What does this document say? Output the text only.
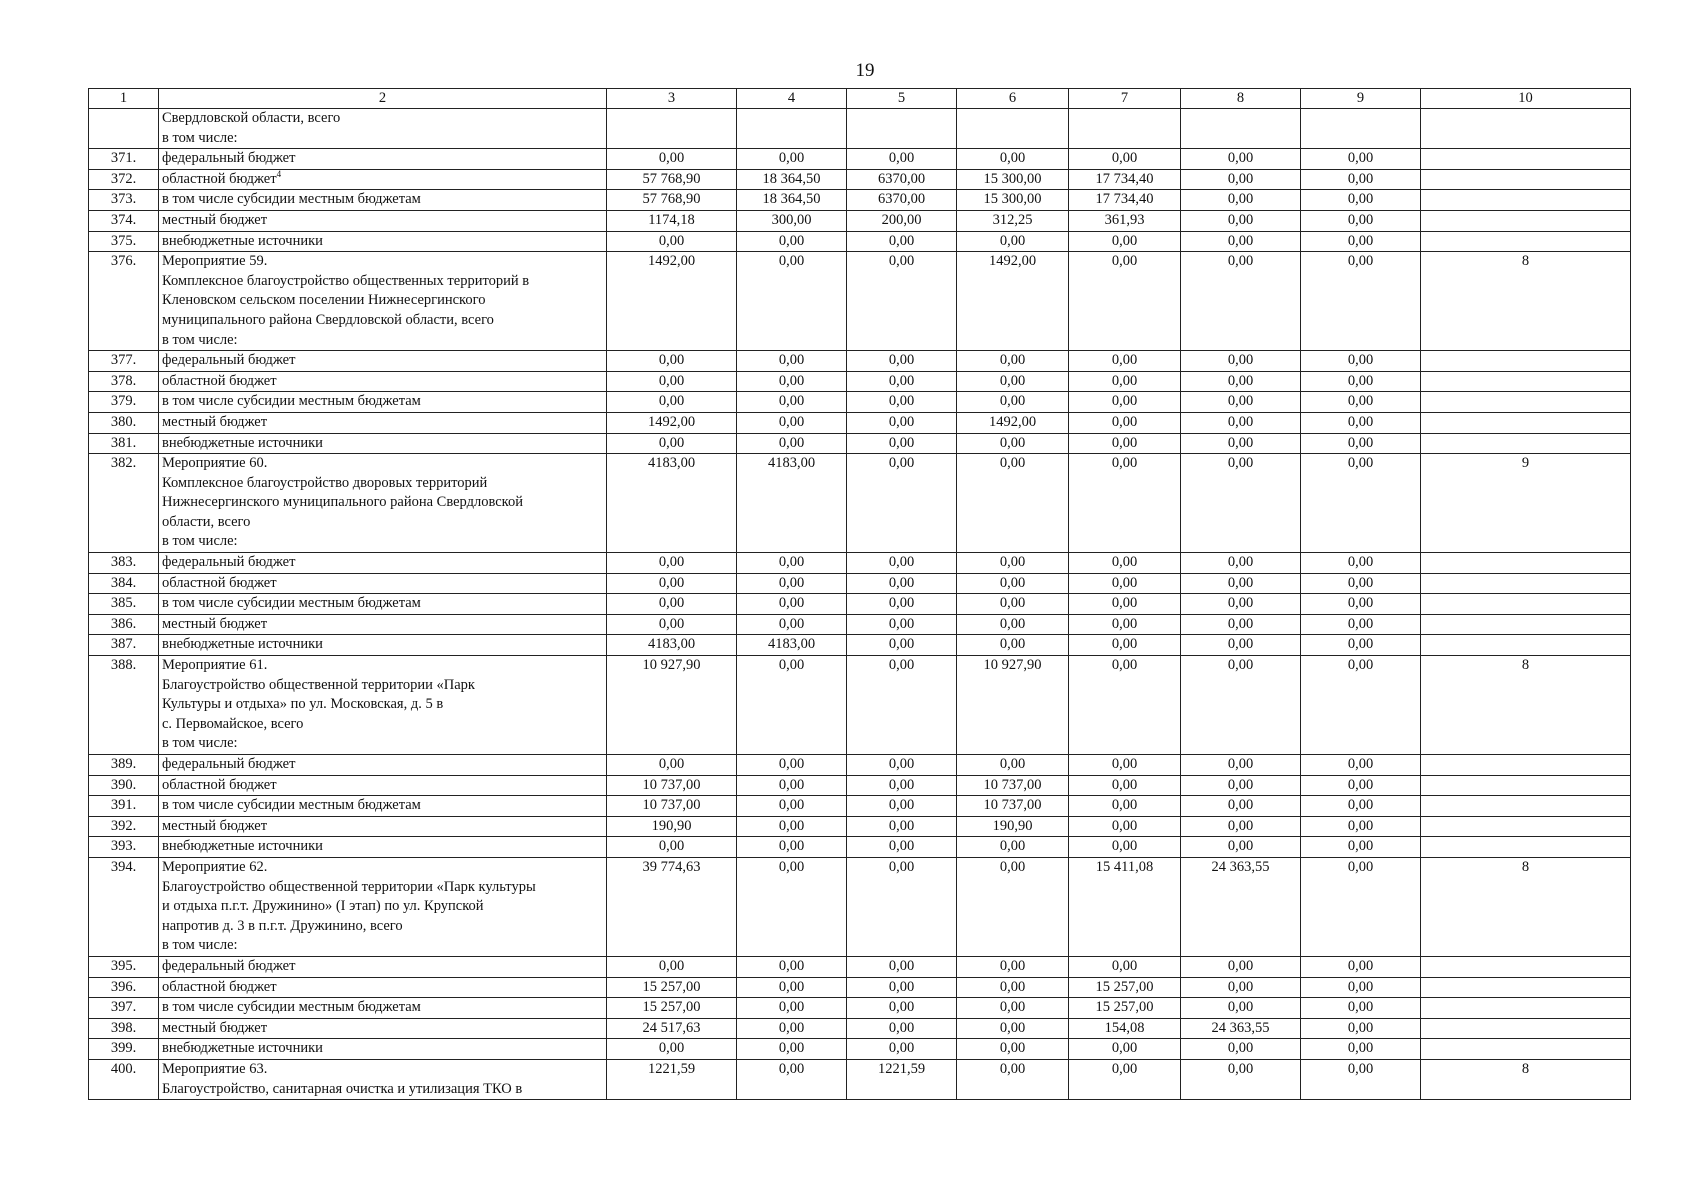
19
1	2	3	4	5	6	7	8	9	10

	Свердловской области, всего
в том числе:								

371.	федеральный бюджет	0,00	0,00	0,00	0,00	0,00	0,00	0,00	
372.	областной бюджет$^4$	57 768,90	18 364,50	6370,00	15 300,00	17 734,40	0,00	0,00	
373.	в том числе субсидии местным бюджетам	57 768,90	18 364,50	6370,00	15 300,00	17 734,40	0,00	0,00	
374.	местный бюджет	1174,18	300,00	200,00	312,25	361,93	0,00	0,00	
375.	внебюджетные источники	0,00	0,00	0,00	0,00	0,00	0,00	0,00	
376.	Мероприятие 59.
Комплексное благоустройство общественных территорий в
Кленовском сельском поселении Нижнесергинского
муниципального района Свердловской области, всего
в том числе:	1492,00	0,00	0,00	1492,00	0,00	0,00	0,00	8
377.	федеральный бюджет	0,00	0,00	0,00	0,00	0,00	0,00	0,00	
378.	областной бюджет	0,00	0,00	0,00	0,00	0,00	0,00	0,00	
379.	в том числе субсидии местным бюджетам	0,00	0,00	0,00	0,00	0,00	0,00	0,00	
380.	местный бюджет	1492,00	0,00	0,00	1492,00	0,00	0,00	0,00	
381.	внебюджетные источники	0,00	0,00	0,00	0,00	0,00	0,00	0,00	
382.	Мероприятие 60.
Комплексное благоустройство дворовых территорий
Нижнесергинского муниципального района Свердловской
области, всего
в том числе:	4183,00	4183,00	0,00	0,00	0,00	0,00	0,00	9
383.	федеральный бюджет	0,00	0,00	0,00	0,00	0,00	0,00	0,00	
384.	областной бюджет	0,00	0,00	0,00	0,00	0,00	0,00	0,00	
385.	в том числе субсидии местным бюджетам	0,00	0,00	0,00	0,00	0,00	0,00	0,00	
386.	местный бюджет	0,00	0,00	0,00	0,00	0,00	0,00	0,00	
387.	внебюджетные источники	4183,00	4183,00	0,00	0,00	0,00	0,00	0,00	
388.	Мероприятие 61.
Благоустройство общественной территории «Парк
Культуры и отдыха» по ул. Московская, д. 5 в
с. Первомайское, всего
в том числе:	10 927,90	0,00	0,00	10 927,90	0,00	0,00	0,00	8
389.	федеральный бюджет	0,00	0,00	0,00	0,00	0,00	0,00	0,00	
390.	областной бюджет	10 737,00	0,00	0,00	10 737,00	0,00	0,00	0,00	
391.	в том числе субсидии местным бюджетам	10 737,00	0,00	0,00	10 737,00	0,00	0,00	0,00	
392.	местный бюджет	190,90	0,00	0,00	190,90	0,00	0,00	0,00	
393.	внебюджетные источники	0,00	0,00	0,00	0,00	0,00	0,00	0,00	
394.	Мероприятие 62.
Благоустройство общественной территории «Парк культуры
и отдыха п.г.т. Дружинино» (I этап) по ул. Крупской
напротив д. 3 в п.г.т. Дружинино, всего
в том числе:	39 774,63	0,00	0,00	0,00	15 411,08	24 363,55	0,00	8
395.	федеральный бюджет	0,00	0,00	0,00	0,00	0,00	0,00	0,00	
396.	областной бюджет	15 257,00	0,00	0,00	0,00	15 257,00	0,00	0,00	
397.	в том числе субсидии местным бюджетам	15 257,00	0,00	0,00	0,00	15 257,00	0,00	0,00	
398.	местный бюджет	24 517,63	0,00	0,00	0,00	154,08	24 363,55	0,00	
399.	внебюджетные источники	0,00	0,00	0,00	0,00	0,00	0,00	0,00	
400.	Мероприятие 63.
Благоустройство, санитарная очистка и утилизация ТКО в	1221,59	0,00	1221,59	0,00	0,00	0,00	0,00	8
